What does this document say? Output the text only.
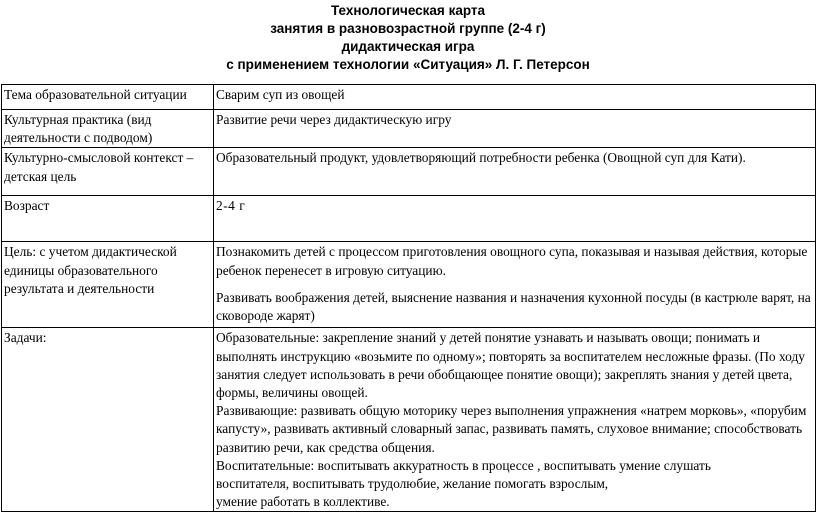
Технологическая карта
занятия в разновозрастной группе (2-4 г)
дидактическая игра
с применением технологии «Ситуация» Л. Г. Петерсон
Тема образовательной ситуации	Сварим суп из овощей
Культурная практика (вид деятельности с подводом)	Развитие речи через дидактическую игру
Культурно-смысловой контекст – детская цель	Образовательный продукт, удовлетворяющий потребности ребенка (Овощной суп для Кати).
Возраст	2-4 г
Цель: с учетом дидактической единицы образовательного результата и деятельности	Познакомить детей с процессом приготовления овощного супа, показывая и называя действия, которые ребенок перенесет в игровую ситуацию.
Развивать воображения детей, выяснение названия и назначения кухонной посуды (в кастрюле варят, на сковороде жарят)

Задачи:	Образовательные: закрепление знаний у детей понятие узнавать и называть овощи; понимать и выполнять инструкцию «возьмите по одному»; повторять за воспитателем несложные фразы. (По ходу занятия следует использовать в речи обобщающее понятие овощи); закреплять знания у детей цвета, формы, величины овощей.
Развивающие: развивать общую моторику через выполнения упражнения «натрем морковь», «порубим капусту», развивать активный словарный запас, развивать память, слуховое внимание; способствовать развитию речи, как средства общения.
Воспитательные: воспитывать аккуратность в процессе , воспитывать умение слушать
воспитателя, воспитывать трудолюбие, желание помогать взрослым,
умение работать в коллективе.
